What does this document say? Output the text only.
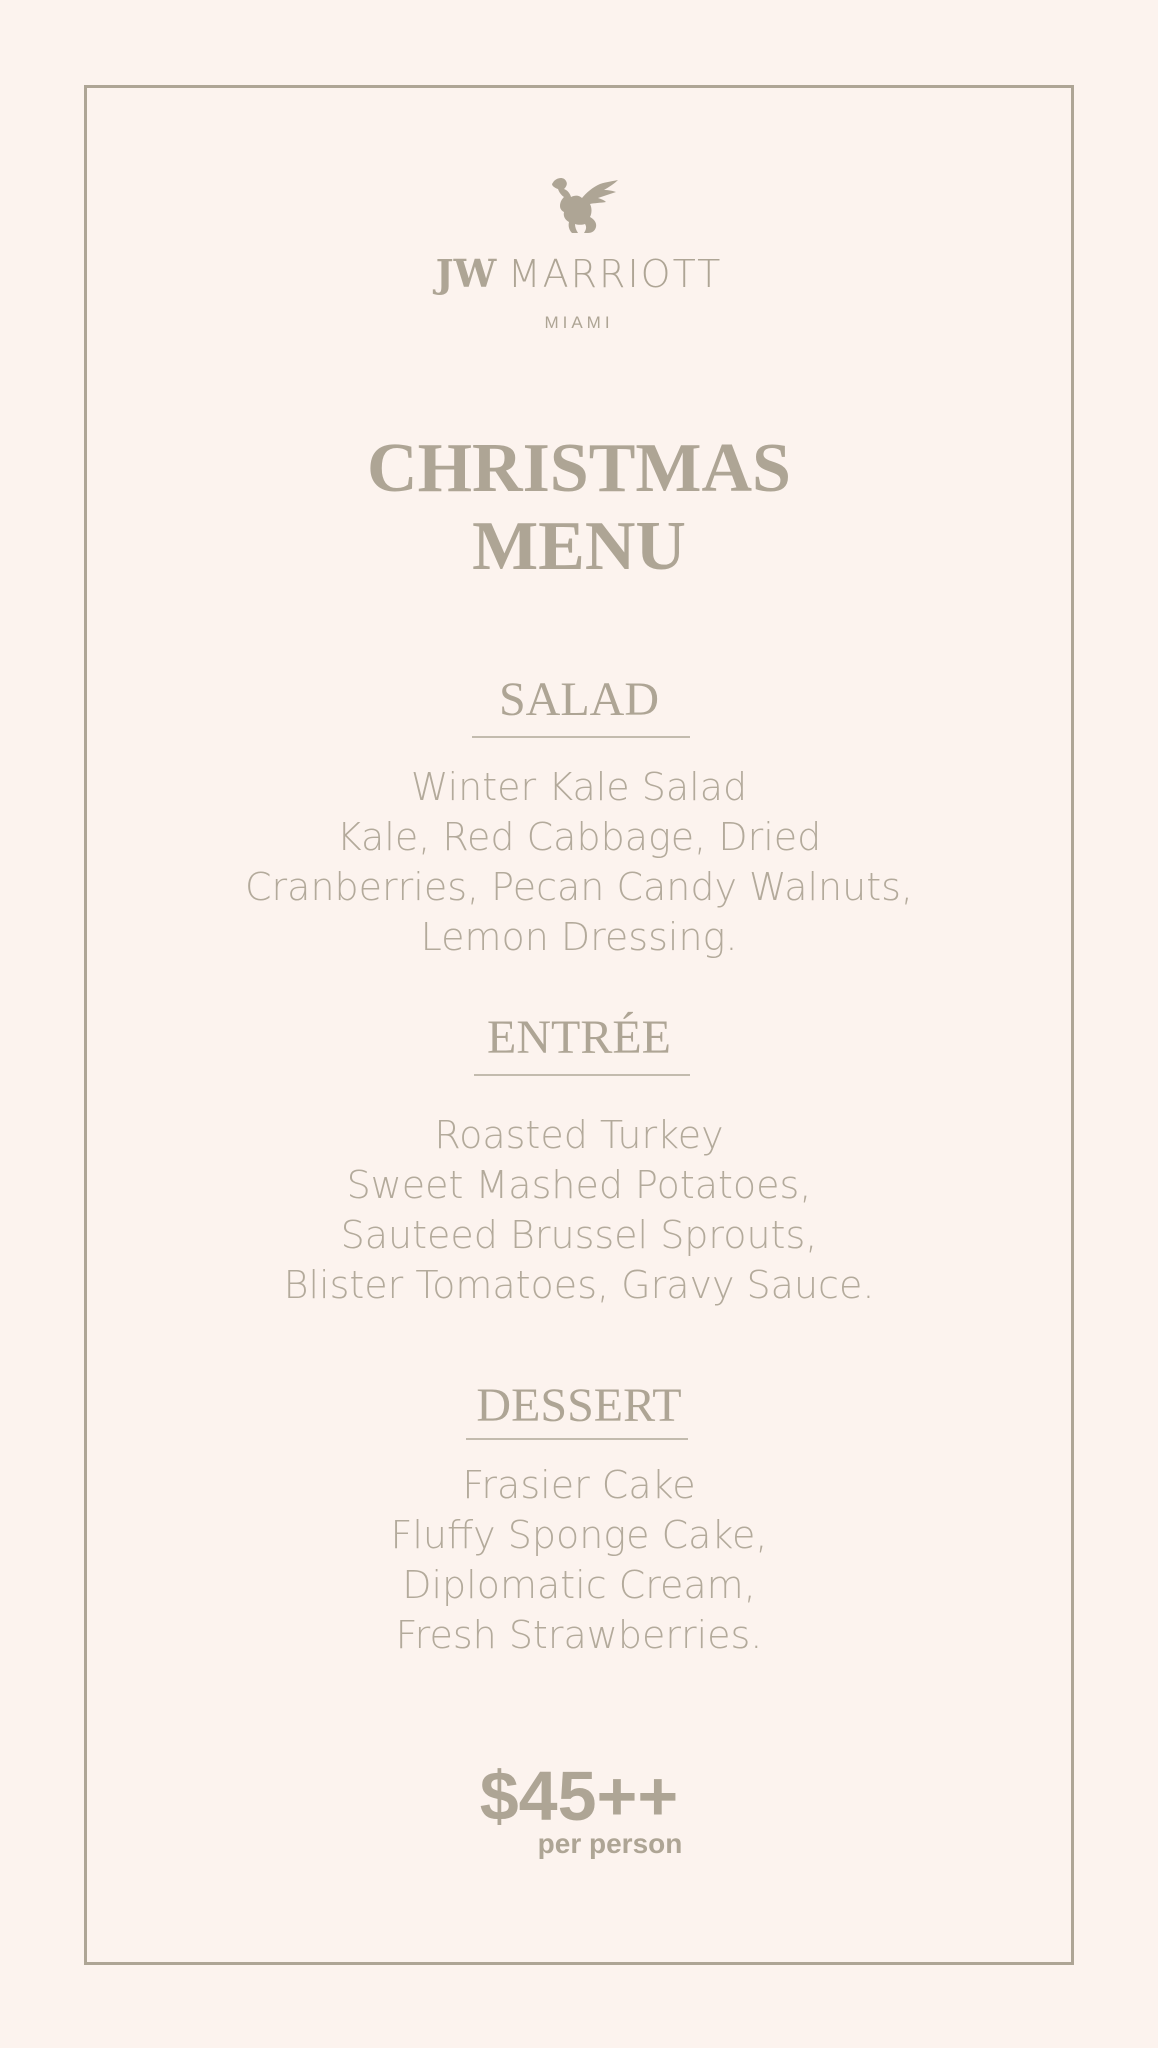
JW MARRIOTT
MIAMI
CHRISTMAS
MENU
SALAD
Winter Kale Salad
Kale, Red Cabbage, Dried
Cranberries, Pecan Candy Walnuts,
Lemon Dressing.
ENTRÉE
Roasted Turkey
Sweet Mashed Potatoes,
Sauteed Brussel Sprouts,
Blister Tomatoes, Gravy Sauce.
DESSERT
Frasier Cake
Fluffy Sponge Cake,
Diplomatic Cream,
Fresh Strawberries.
$45++
per person
